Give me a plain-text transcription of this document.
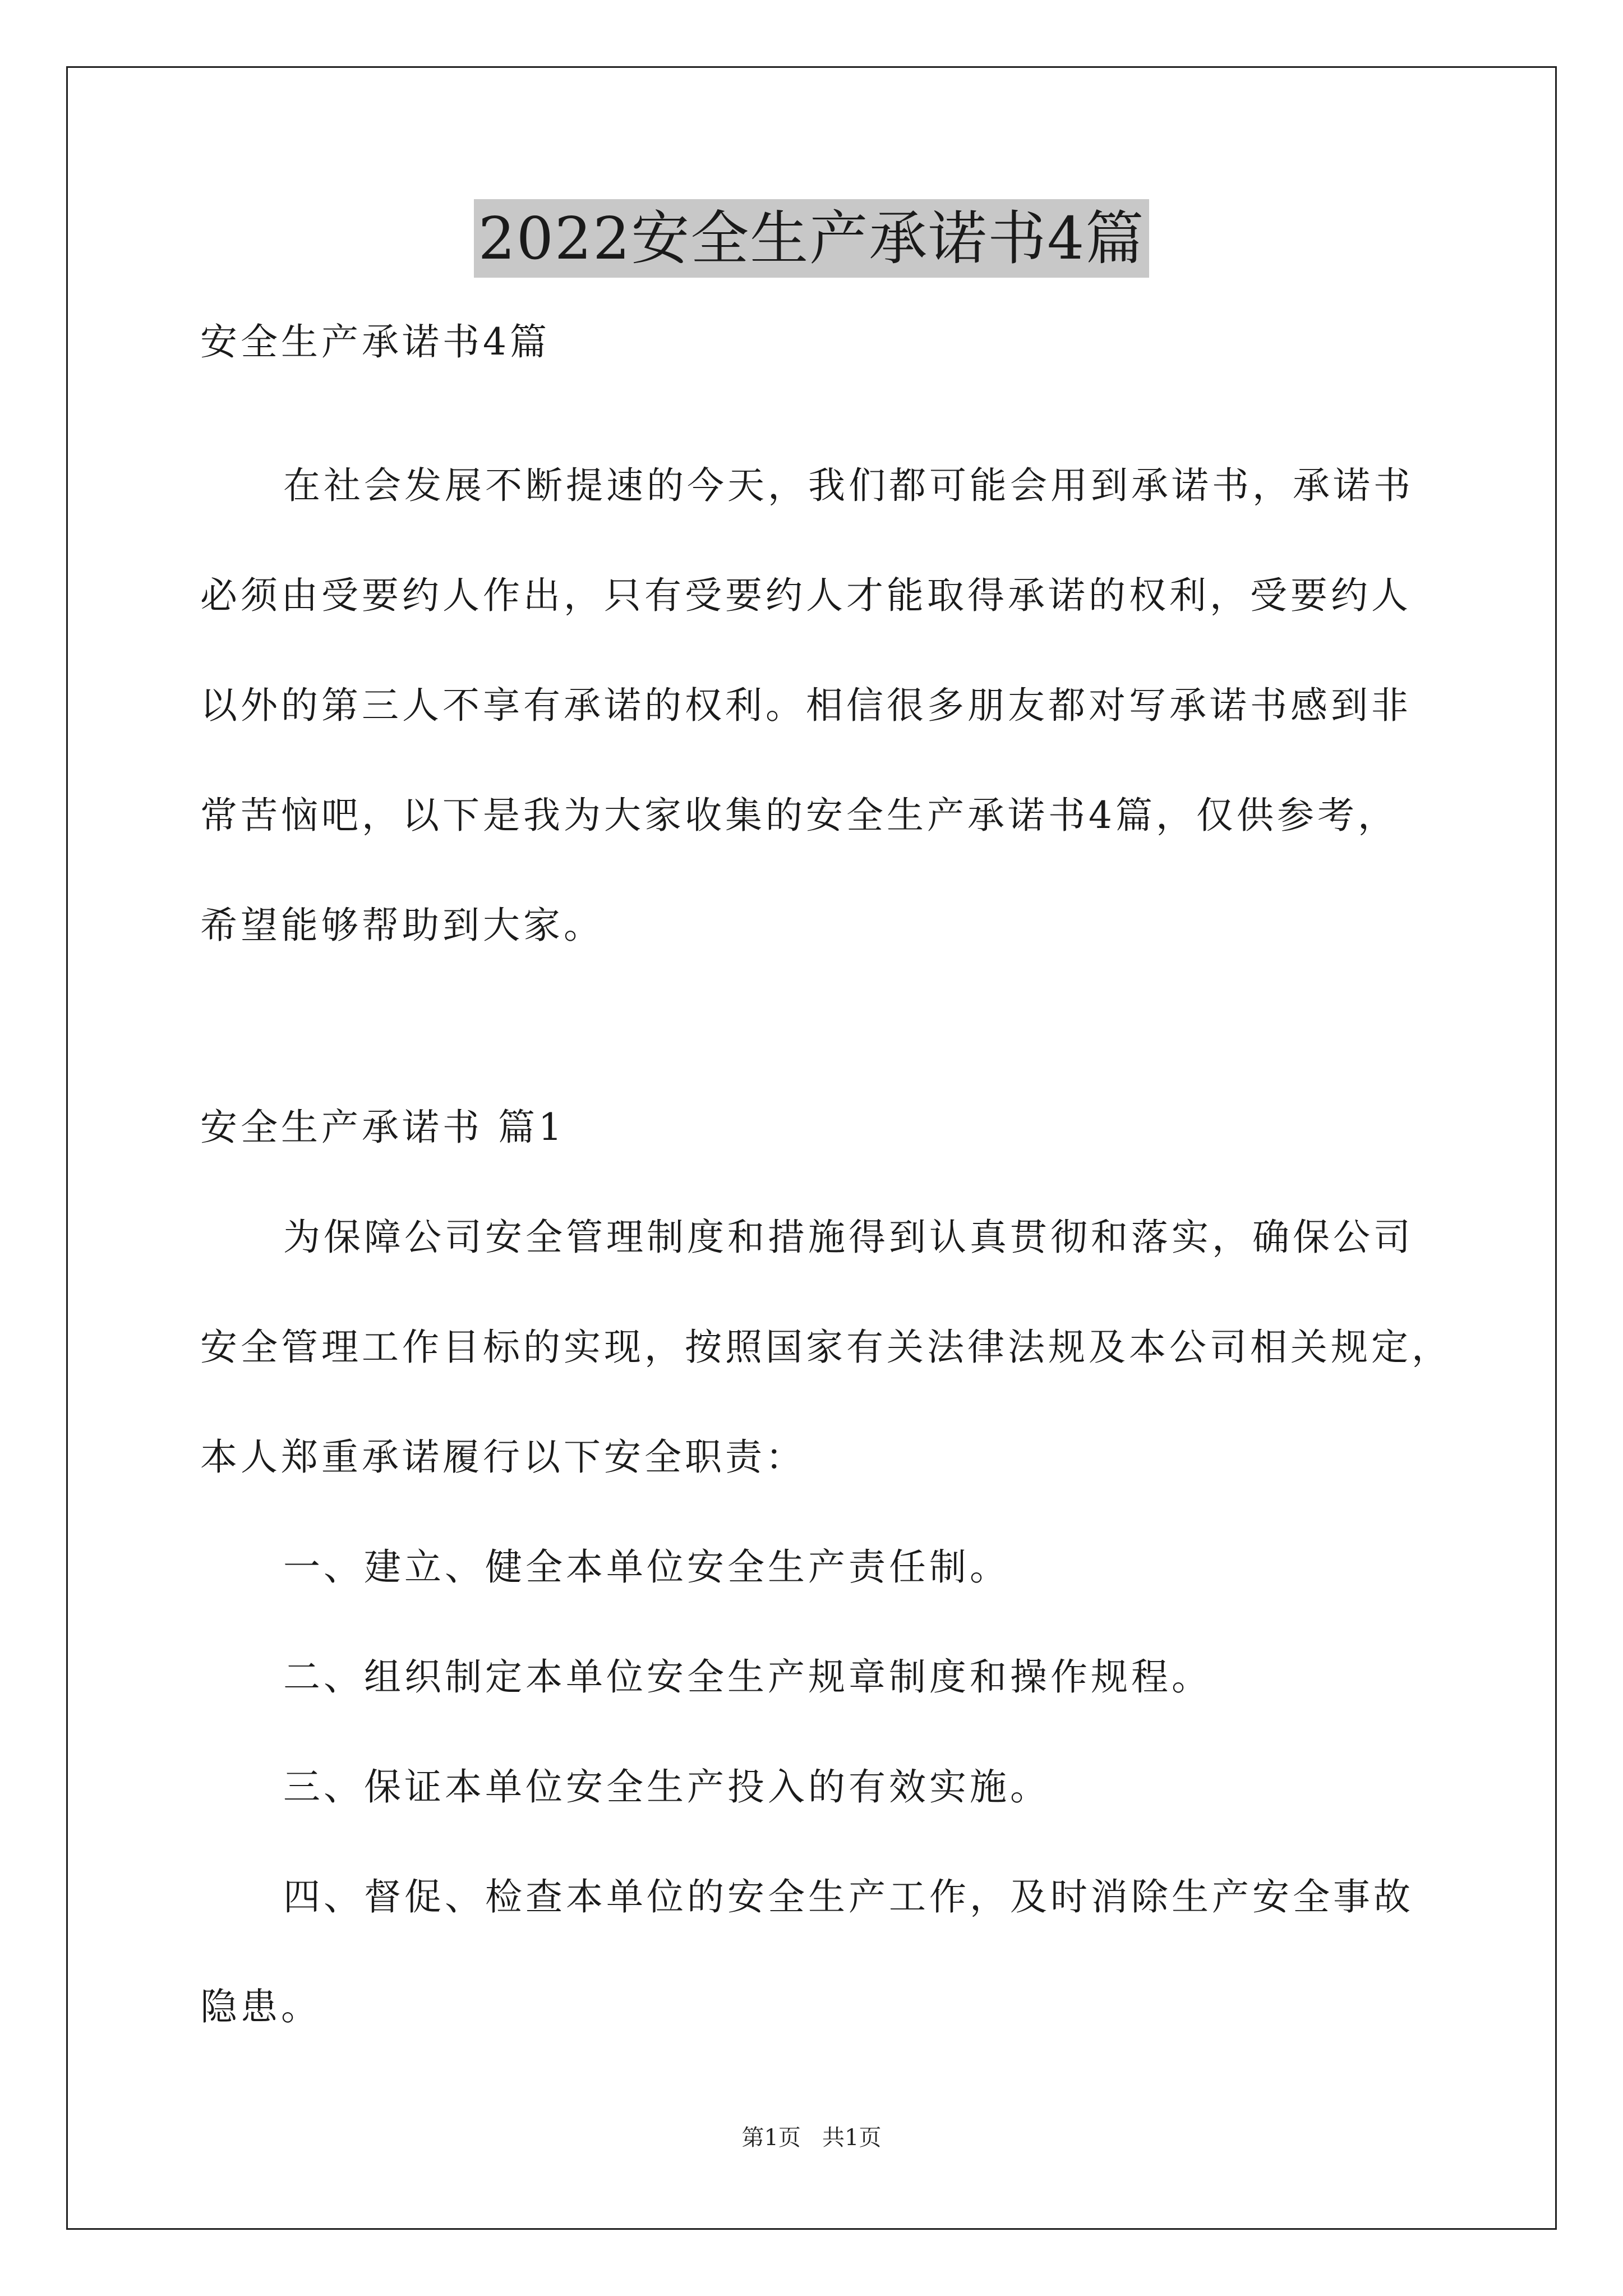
2022安全生产承诺书4篇
安全生产承诺书4篇
在社会发展不断提速的今天，我们都可能会用到承诺书，承诺书
必须由受要约人作出，只有受要约人才能取得承诺的权利，受要约人
以外的第三人不享有承诺的权利。相信很多朋友都对写承诺书感到非
常苦恼吧，以下是我为大家收集的安全生产承诺书4篇，仅供参考，
希望能够帮助到大家。
安全生产承诺书 篇1
为保障公司安全管理制度和措施得到认真贯彻和落实，确保公司
安全管理工作目标的实现，按照国家有关法律法规及本公司相关规定，
本人郑重承诺履行以下安全职责：
一、建立、健全本单位安全生产责任制。
二、组织制定本单位安全生产规章制度和操作规程。
三、保证本单位安全生产投入的有效实施。
四、督促、检查本单位的安全生产工作，及时消除生产安全事故
隐患。
第1页   共1页
